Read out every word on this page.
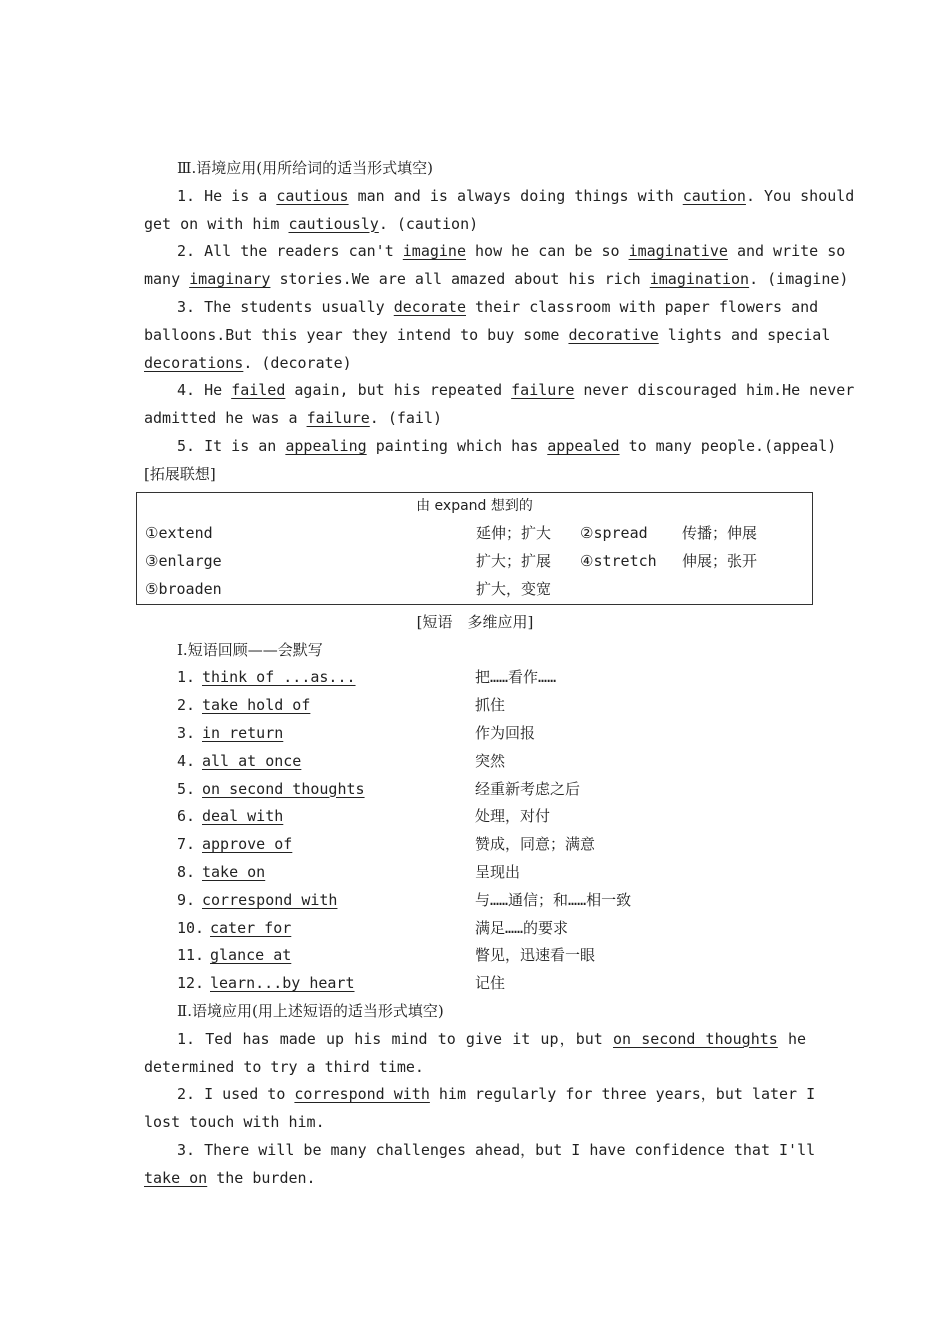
Ⅲ.语境应用(用所给词的适当形式填空)
1. He is a cautious man and is always doing things with caution. You should
get on with him cautiously. (caution)
2. All the readers can't imagine how he can be so imaginative and write so
many imaginary stories.We are all amazed about his rich imagination. (imagine)
3. The students usually decorate their classroom with paper flowers and
balloons.But this year they intend to buy some decorative lights and special
decorations. (decorate)
4. He failed again, but his repeated failure never discouraged him.He never
admitted he was a failure. (fail)
5. It is an appealing painting which has appealed to many people.(appeal)
[拓展联想]
由 expand 想到的			
①extend	延伸；扩大	②spread	传播；伸展
③enlarge	扩大；扩展	④stretch	伸展；张开
⑤broaden	扩大，变宽		
[短语　多维应用]
Ⅰ.短语回顾——会默写
1. think of ...as...	把……看作……
2. take hold of	抓住
3. in return	作为回报
4. all at once	突然
5. on second thoughts	经重新考虑之后
6. deal with	处理，对付
7. approve of	赞成，同意；满意
8. take on	呈现出
9. correspond with	与……通信；和……相一致
10. cater for	满足……的要求
11. glance at	瞥见，迅速看一眼
12. learn...by heart	记住
Ⅱ.语境应用(用上述短语的适当形式填空)
1. Ted has made up his mind to give it up，but on second thoughts he
determined to try a third time.
2. I used to correspond with him regularly for three years，but later I
lost touch with him.
3. There will be many challenges ahead，but I have confidence that I'll
take on the burden.
